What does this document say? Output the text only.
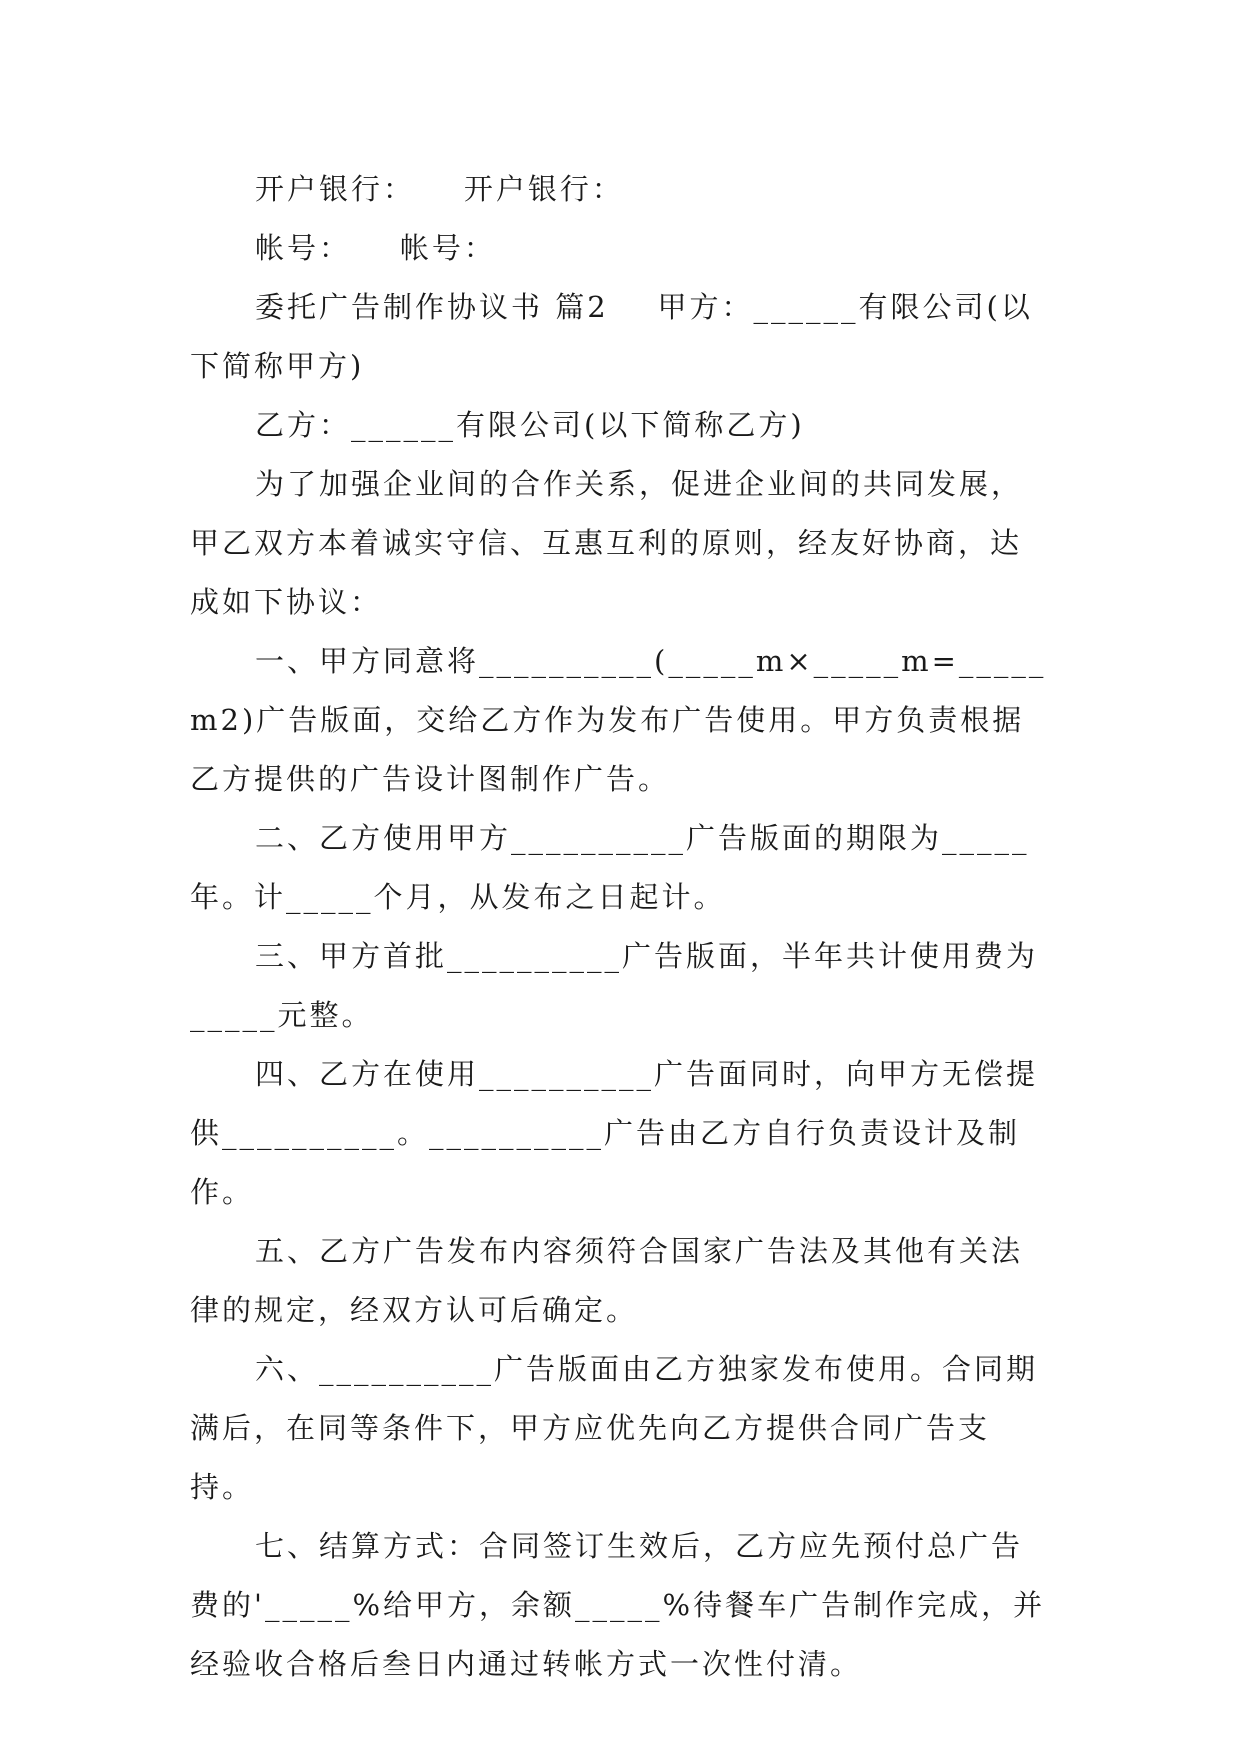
开户银行：    开户银行：

帐号：    帐号：

委托广告制作协议书 篇2    甲方：______有限公司(以下简称甲方)

乙方：______有限公司(以下简称乙方)

为了加强企业间的合作关系，促进企业间的共同发展，甲乙双方本着诚实守信、互惠互利的原则，经友好协商，达成如下协议：

一、甲方同意将__________(_____m×_____m=_____m2)广告版面，交给乙方作为发布广告使用。甲方负责根据乙方提供的广告设计图制作广告。

二、乙方使用甲方__________广告版面的期限为_____年。计_____个月，从发布之日起计。

三、甲方首批__________广告版面，半年共计使用费为_____元整。

四、乙方在使用__________广告面同时，向甲方无偿提供__________。__________广告由乙方自行负责设计及制作。

五、乙方广告发布内容须符合国家广告法及其他有关法律的规定，经双方认可后确定。

六、__________广告版面由乙方独家发布使用。合同期满后，在同等条件下，甲方应优先向乙方提供合同广告支持。

七、结算方式：合同签订生效后，乙方应先预付总广告费的'_____%给甲方，余额_____%待餐车广告制作完成，并经验收合格后叁日内通过转帐方式一次性付清。
